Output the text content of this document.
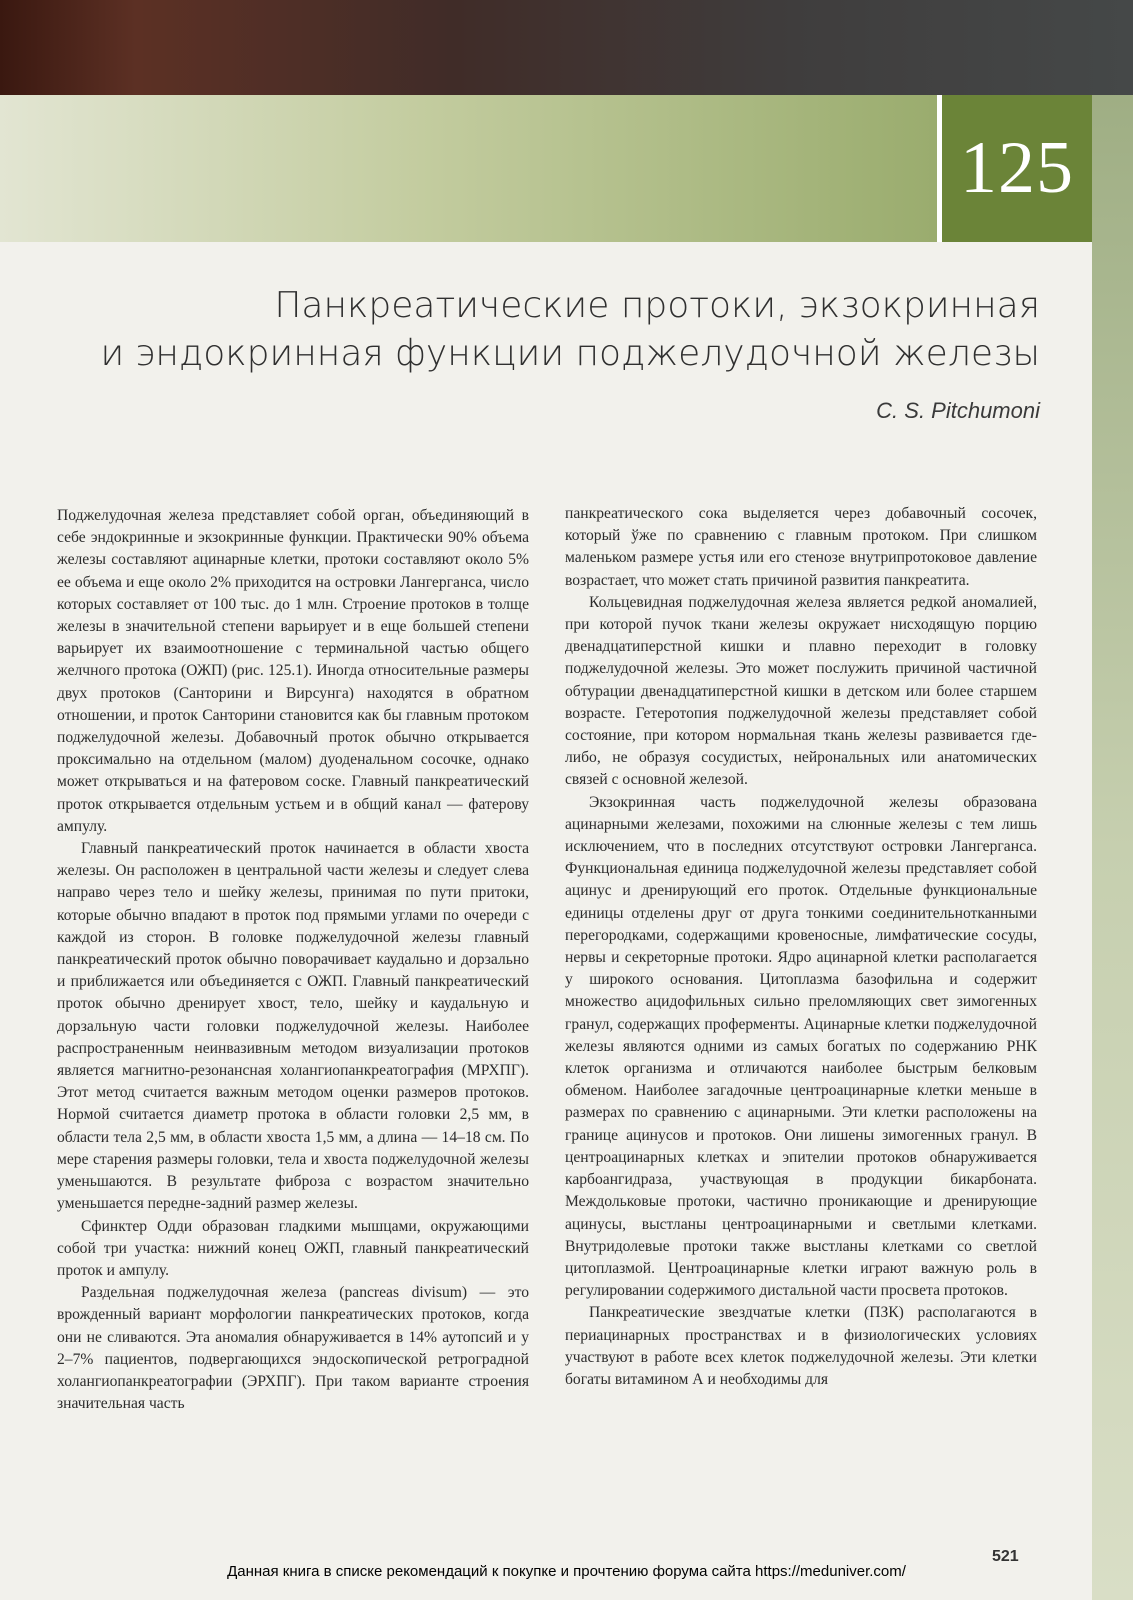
125
Панкреатические протоки, экзокринная
и эндокринная функции поджелудочной железы
C. S. Pitchumoni

Поджелудочная железа представляет собой орган, объединяющий в себе эндокринные и экзокринные функции. Практически 90% объема железы составляют ацинарные клетки, протоки составляют около 5% ее объема и еще около 2% приходится на островки Лангерганса, число которых составляет от 100 тыс. до 1 млн. Строение протоков в толще железы в значительной степени варьирует и в еще большей степени варьирует их взаимоотношение с терминальной частью общего желчного протока (ОЖП) (рис. 125.1). Иногда относительные размеры двух протоков (Санторини и Вирсунга) находятся в обратном отношении, и проток Санторини становится как бы главным протоком поджелудочной железы. Добавочный проток обычно открывается проксимально на отдельном (малом) дуоденальном сосочке, однако может открываться и на фатеровом соске. Главный панкреатический проток открывается отдельным устьем и в общий канал — фатерову ампулу.

Главный панкреатический проток начинается в области хвоста железы. Он расположен в центральной части железы и следует слева направо через тело и шейку железы, принимая по пути притоки, которые обычно впадают в проток под прямыми углами по очереди с каждой из сторон. В головке поджелудочной железы главный панкреатический проток обычно поворачивает каудально и дорзально и приближается или объединяется с ОЖП. Главный панкреатический проток обычно дренирует хвост, тело, шейку и каудальную и дорзальную части головки поджелудочной железы. Наиболее распространенным неинвазивным методом визуализации протоков является магнитно-резонансная холангиопанкреатография (МРХПГ). Этот метод считается важным методом оценки размеров протоков. Нормой считается диаметр протока в области головки 2,5 мм, в области тела 2,5 мм, в области хвоста 1,5 мм, а длина — 14–18 см. По мере старения размеры головки, тела и хвоста поджелудочной железы уменьшаются. В результате фиброза с возрастом значительно уменьшается передне-задний размер железы.

Сфинктер Одди образован гладкими мышцами, окружающими собой три участка: нижний конец ОЖП, главный панкреатический проток и ампулу.

Раздельная поджелудочная железа (pancreas divisum) — это врожденный вариант морфологии панкреатических протоков, когда они не сливаются. Эта аномалия обнаруживается в 14% аутопсий и у 2–7% пациентов, подвергающихся эндоскопической ретроградной холангиопанкреатографии (ЭРХПГ). При таком варианте строения значительная часть

панкреатического сока выделяется через добавочный сосочек, который ўже по сравнению с главным протоком. При слишком маленьком размере устья или его стенозе внутрипротоковое давление возрастает, что может стать причиной развития панкреатита.

Кольцевидная поджелудочная железа является редкой аномалией, при которой пучок ткани железы окружает нисходящую порцию двенадцатиперстной кишки и плавно переходит в головку поджелудочной железы. Это может послужить причиной частичной обтурации двенадцатиперстной кишки в детском или более старшем возрасте. Гетеротопия поджелудочной железы представляет собой состояние, при котором нормальная ткань железы развивается где-либо, не образуя сосудистых, нейрональных или анатомических связей с основной железой.

Экзокринная часть поджелудочной железы образована ацинарными железами, похожими на слюнные железы с тем лишь исключением, что в последних отсутствуют островки Лангерганса. Функциональная единица поджелудочной железы представляет собой ацинус и дренирующий его проток. Отдельные функциональные единицы отделены друг от друга тонкими соединительнотканными перегородками, содержащими кровеносные, лимфатические сосуды, нервы и секреторные протоки. Ядро ацинарной клетки располагается у широкого основания. Цитоплазма базофильна и содержит множество ацидофильных сильно преломляющих свет зимогенных гранул, содержащих проферменты. Ацинарные клетки поджелудочной железы являются одними из самых богатых по содержанию РНК клеток организма и отличаются наиболее быстрым белковым обменом. Наиболее загадочные центроацинарные клетки меньше в размерах по сравнению с ацинарными. Эти клетки расположены на границе ацинусов и протоков. Они лишены зимогенных гранул. В центроацинарных клетках и эпителии протоков обнаруживается карбоангидраза, участвующая в продукции бикарбоната. Междольковые протоки, частично проникающие и дренирующие ацинусы, выстланы центроацинарными и светлыми клетками. Внутридолевые протоки также выстланы клетками со светлой цитоплазмой. Центроацинарные клетки играют важную роль в регулировании содержимого дистальной части просвета протоков.

Панкреатические звездчатые клетки (ПЗК) располагаются в периацинарных пространствах и в физиологических условиях участвуют в работе всех клеток поджелудочной железы. Эти клетки богаты витамином А и необходимы для

521
Данная книга в списке рекомендаций к покупке и прочтению форума сайта https://meduniver.com/
